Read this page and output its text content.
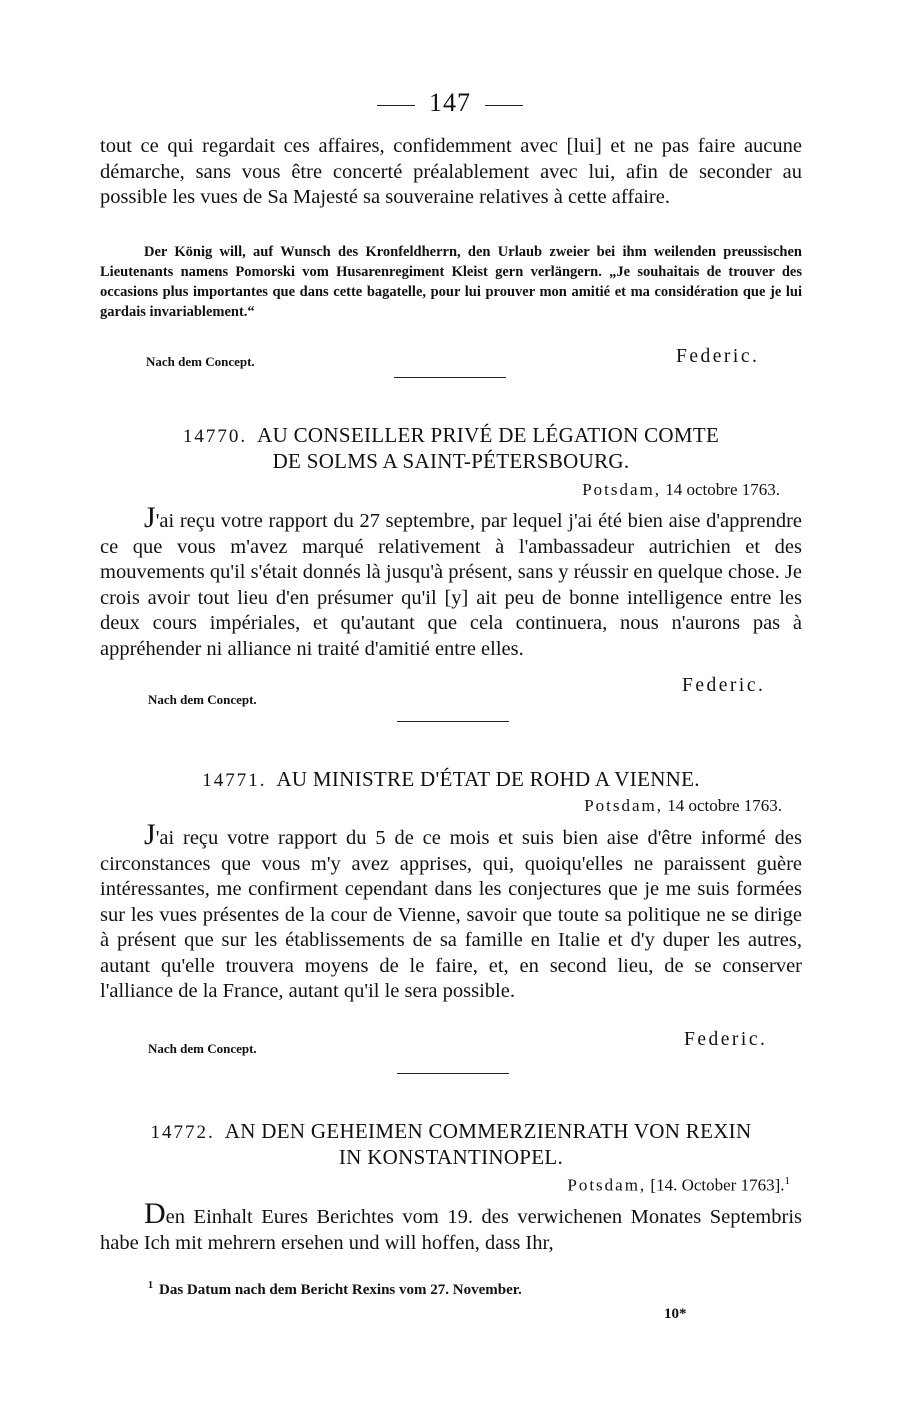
147

tout ce qui regardait ces affaires, confidemment avec [lui] et ne pas faire aucune démarche, sans vous être concerté préalablement avec lui, afin de seconder au possible les vues de Sa Majesté sa souveraine relatives à cette affaire.

Der König will, auf Wunsch des Kronfeldherrn, den Urlaub zweier bei ihm weilenden preussischen Lieutenants namens Pomorski vom Husarenregiment Kleist gern verlängern. „Je souhaitais de trouver des occasions plus importantes que dans cette bagatelle, pour lui prouver mon amitié et ma considération que je lui gardais invariablement.“

Nach dem Concept.	Federic.
14770. AU CONSEILLER PRIVÉ DE LÉGATION COMTE
DE SOLMS A SAINT-PÉTERSBOURG.
Potsdam, 14 octobre 1763.

J'ai reçu votre rapport du 27 septembre, par lequel j'ai été bien aise d'apprendre ce que vous m'avez marqué relativement à l'ambassadeur autrichien et des mouvements qu'il s'était donnés là jusqu'à présent, sans y réussir en quelque chose. Je crois avoir tout lieu d'en présumer qu'il [y] ait peu de bonne intelligence entre les deux cours impériales, et qu'autant que cela continuera, nous n'aurons pas à appréhender ni alliance ni traité d'amitié entre elles.

Nach dem Concept.
Federic.
14771. AU MINISTRE D'ÉTAT DE ROHD A VIENNE.
Potsdam, 14 octobre 1763.

J'ai reçu votre rapport du 5 de ce mois et suis bien aise d'être informé des circonstances que vous m'y avez apprises, qui, quoiqu'elles ne paraissent guère intéressantes, me confirment cependant dans les conjectures que je me suis formées sur les vues présentes de la cour de Vienne, savoir que toute sa politique ne se dirige à présent que sur les établissements de sa famille en Italie et d'y duper les autres, autant qu'elle trouvera moyens de le faire, et, en second lieu, de se conserver l'alliance de la France, autant qu'il le sera possible.

Nach dem Concept.	Federic.
14772. AN DEN GEHEIMEN COMMERZIENRATH VON REXIN
IN KONSTANTINOPEL.
Potsdam, [14. October 1763].$^1$

Den Einhalt Eures Berichtes vom 19. des verwichenen Monates Septembris habe Ich mit mehrern ersehen und will hoffen, dass Ihr,

$^1$ Das Datum nach dem Bericht Rexins vom 27. November.
10*
